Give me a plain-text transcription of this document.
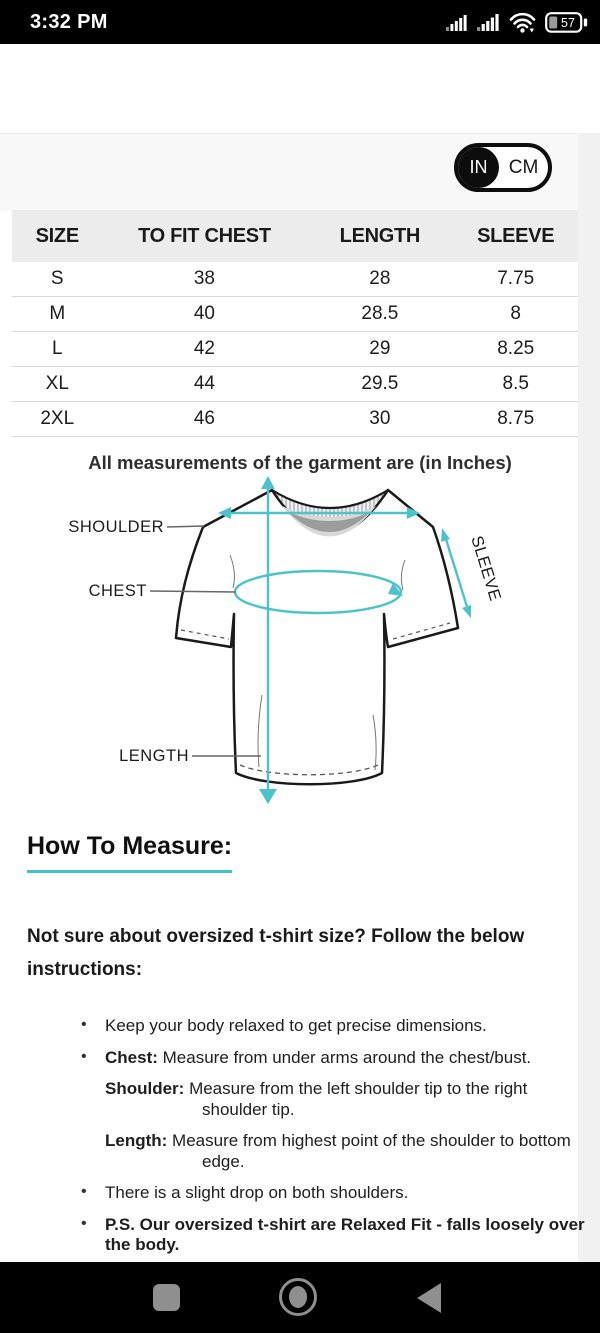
3:32 PM	57
IN	CM
SIZE	TO FIT CHEST	LENGTH	SLEEVE
S	38	28	7.75
M	40	28.5	8
L	42	29	8.25
XL	44	29.5	8.5
2XL	46	30	8.75
All measurements of the garment are (in Inches)
SHOULDER
CHEST
LENGTH
SLEEVE
How To Measure:
Not sure about oversized t-shirt size? Follow the below instructions:
• Keep your body relaxed to get precise dimensions.
• Chest: Measure from under arms around the chest/bust.
• Shoulder: Measure from the left shoulder tip to the right shoulder tip.
• Length: Measure from highest point of the shoulder to bottom edge.
• There is a slight drop on both shoulders.
• P.S. Our oversized t-shirt are Relaxed Fit - falls loosely over the body.
